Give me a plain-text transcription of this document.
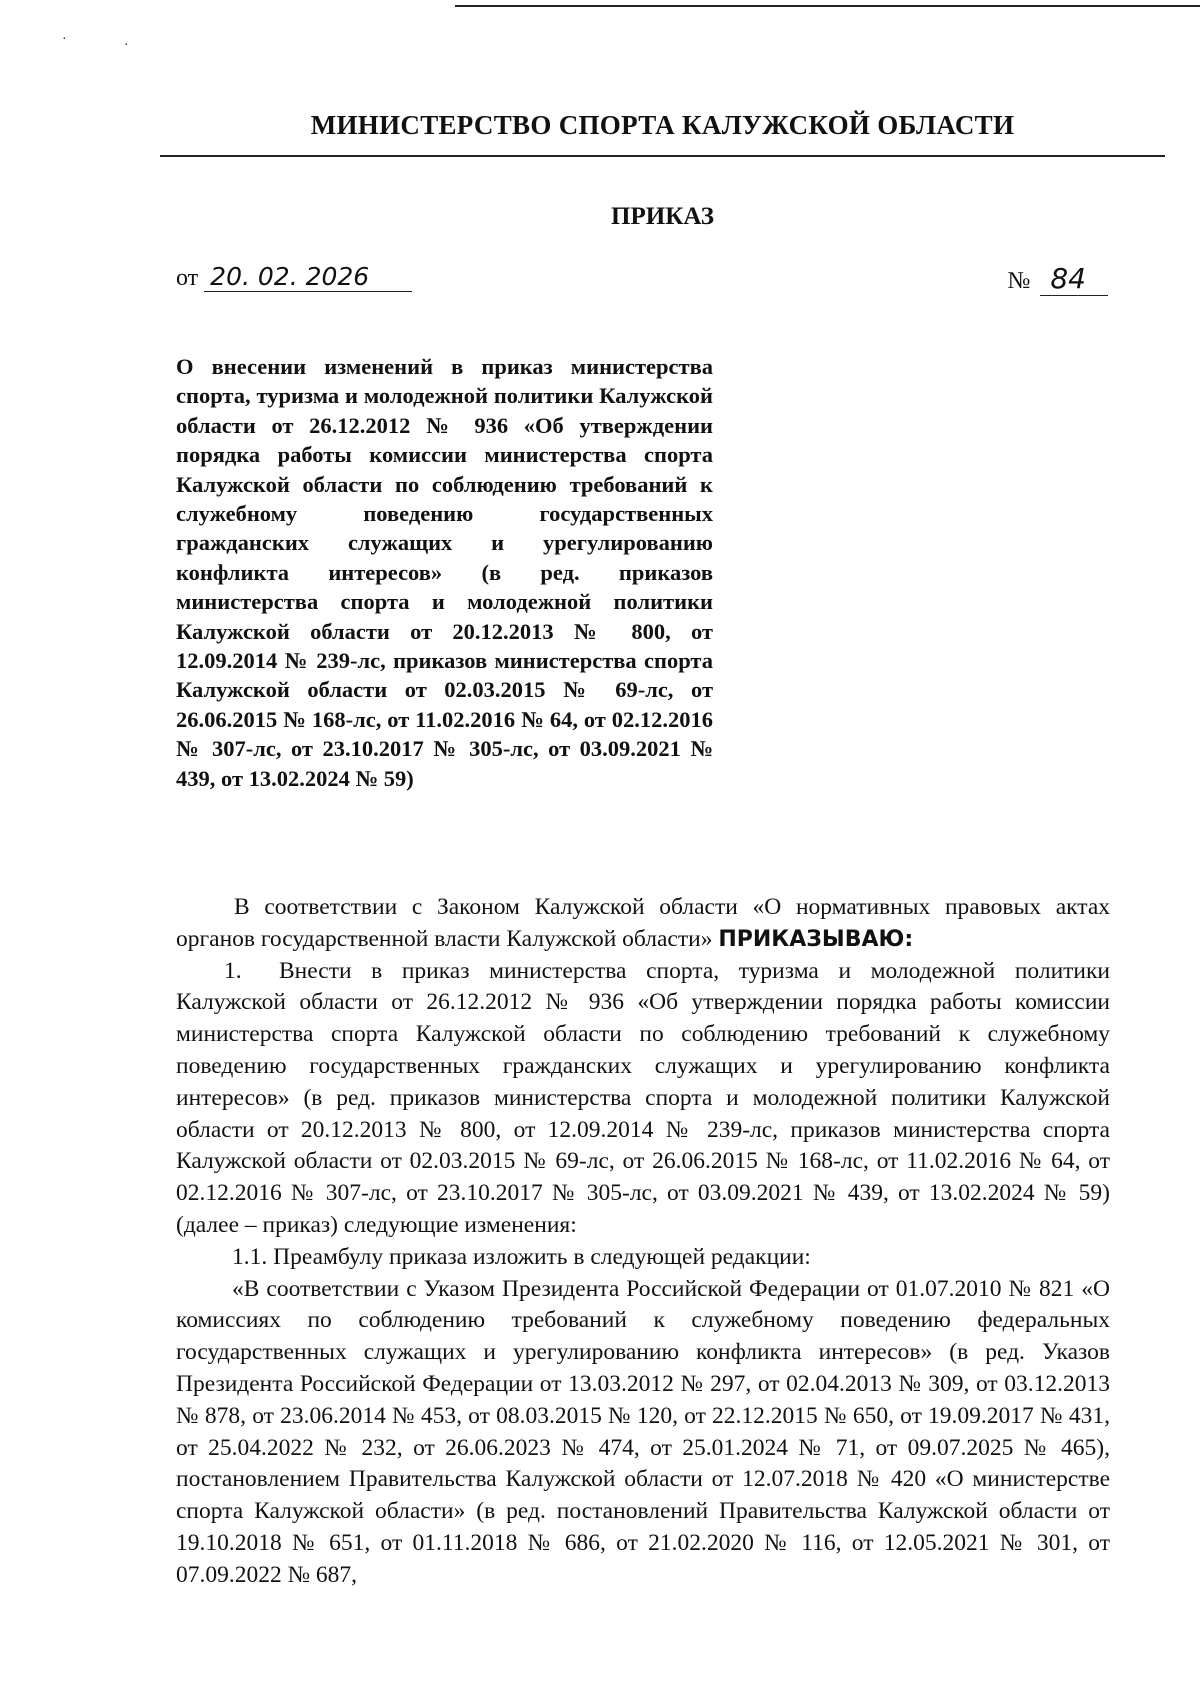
·	·
МИНИСТЕРСТВО СПОРТА КАЛУЖСКОЙ ОБЛАСТИ
ПРИКАЗ
от 20. 02. 2026	№ 84
О внесении изменений в приказ министерства спорта, туризма и молодежной политики Калужской области от 26.12.2012 № 936 «Об утверждении порядка работы комиссии министерства спорта Калужской области по соблюдению требований к служебному поведению государственных гражданских служащих и урегулированию конфликта интересов» (в ред. приказов министерства спорта и молодежной политики Калужской области от 20.12.2013 № 800, от 12.09.2014 № 239-лс, приказов министерства спорта Калужской области от 02.03.2015 № 69-лс, от 26.06.2015 № 168-лс, от 11.02.2016 № 64, от 02.12.2016 № 307-лс, от 23.10.2017 № 305-лс, от 03.09.2021 № 439, от 13.02.2024 № 59)

В соответствии с Законом Калужской области «О нормативных правовых актах органов государственной власти Калужской области» ПРИКАЗЫВАЮ:

1. Внести в приказ министерства спорта, туризма и молодежной политики Калужской области от 26.12.2012 № 936 «Об утверждении порядка работы комиссии министерства спорта Калужской области по соблюдению требований к служебному поведению государственных гражданских служащих и урегулированию конфликта интересов» (в ред. приказов министерства спорта и молодежной политики Калужской области от 20.12.2013 № 800, от 12.09.2014 № 239-лс, приказов министерства спорта Калужской области от 02.03.2015 № 69-лс, от 26.06.2015 № 168-лс, от 11.02.2016 № 64, от 02.12.2016 № 307-лс, от 23.10.2017 № 305-лс, от 03.09.2021 № 439, от 13.02.2024 № 59) (далее – приказ) следующие изменения:

1.1. Преамбулу приказа изложить в следующей редакции:

«В соответствии с Указом Президента Российской Федерации от 01.07.2010 № 821 «О комиссиях по соблюдению требований к служебному поведению федеральных государственных служащих и урегулированию конфликта интересов» (в ред. Указов Президента Российской Федерации от 13.03.2012 № 297, от 02.04.2013 № 309, от 03.12.2013 № 878, от 23.06.2014 № 453, от 08.03.2015 № 120, от 22.12.2015 № 650, от 19.09.2017 № 431, от 25.04.2022 № 232, от 26.06.2023 № 474, от 25.01.2024 № 71, от 09.07.2025 № 465), постановлением Правительства Калужской области от 12.07.2018 № 420 «О министерстве спорта Калужской области» (в ред. постановлений Правительства Калужской области от 19.10.2018 № 651, от 01.11.2018 № 686, от 21.02.2020 № 116, от 12.05.2021 № 301, от 07.09.2022 № 687,
